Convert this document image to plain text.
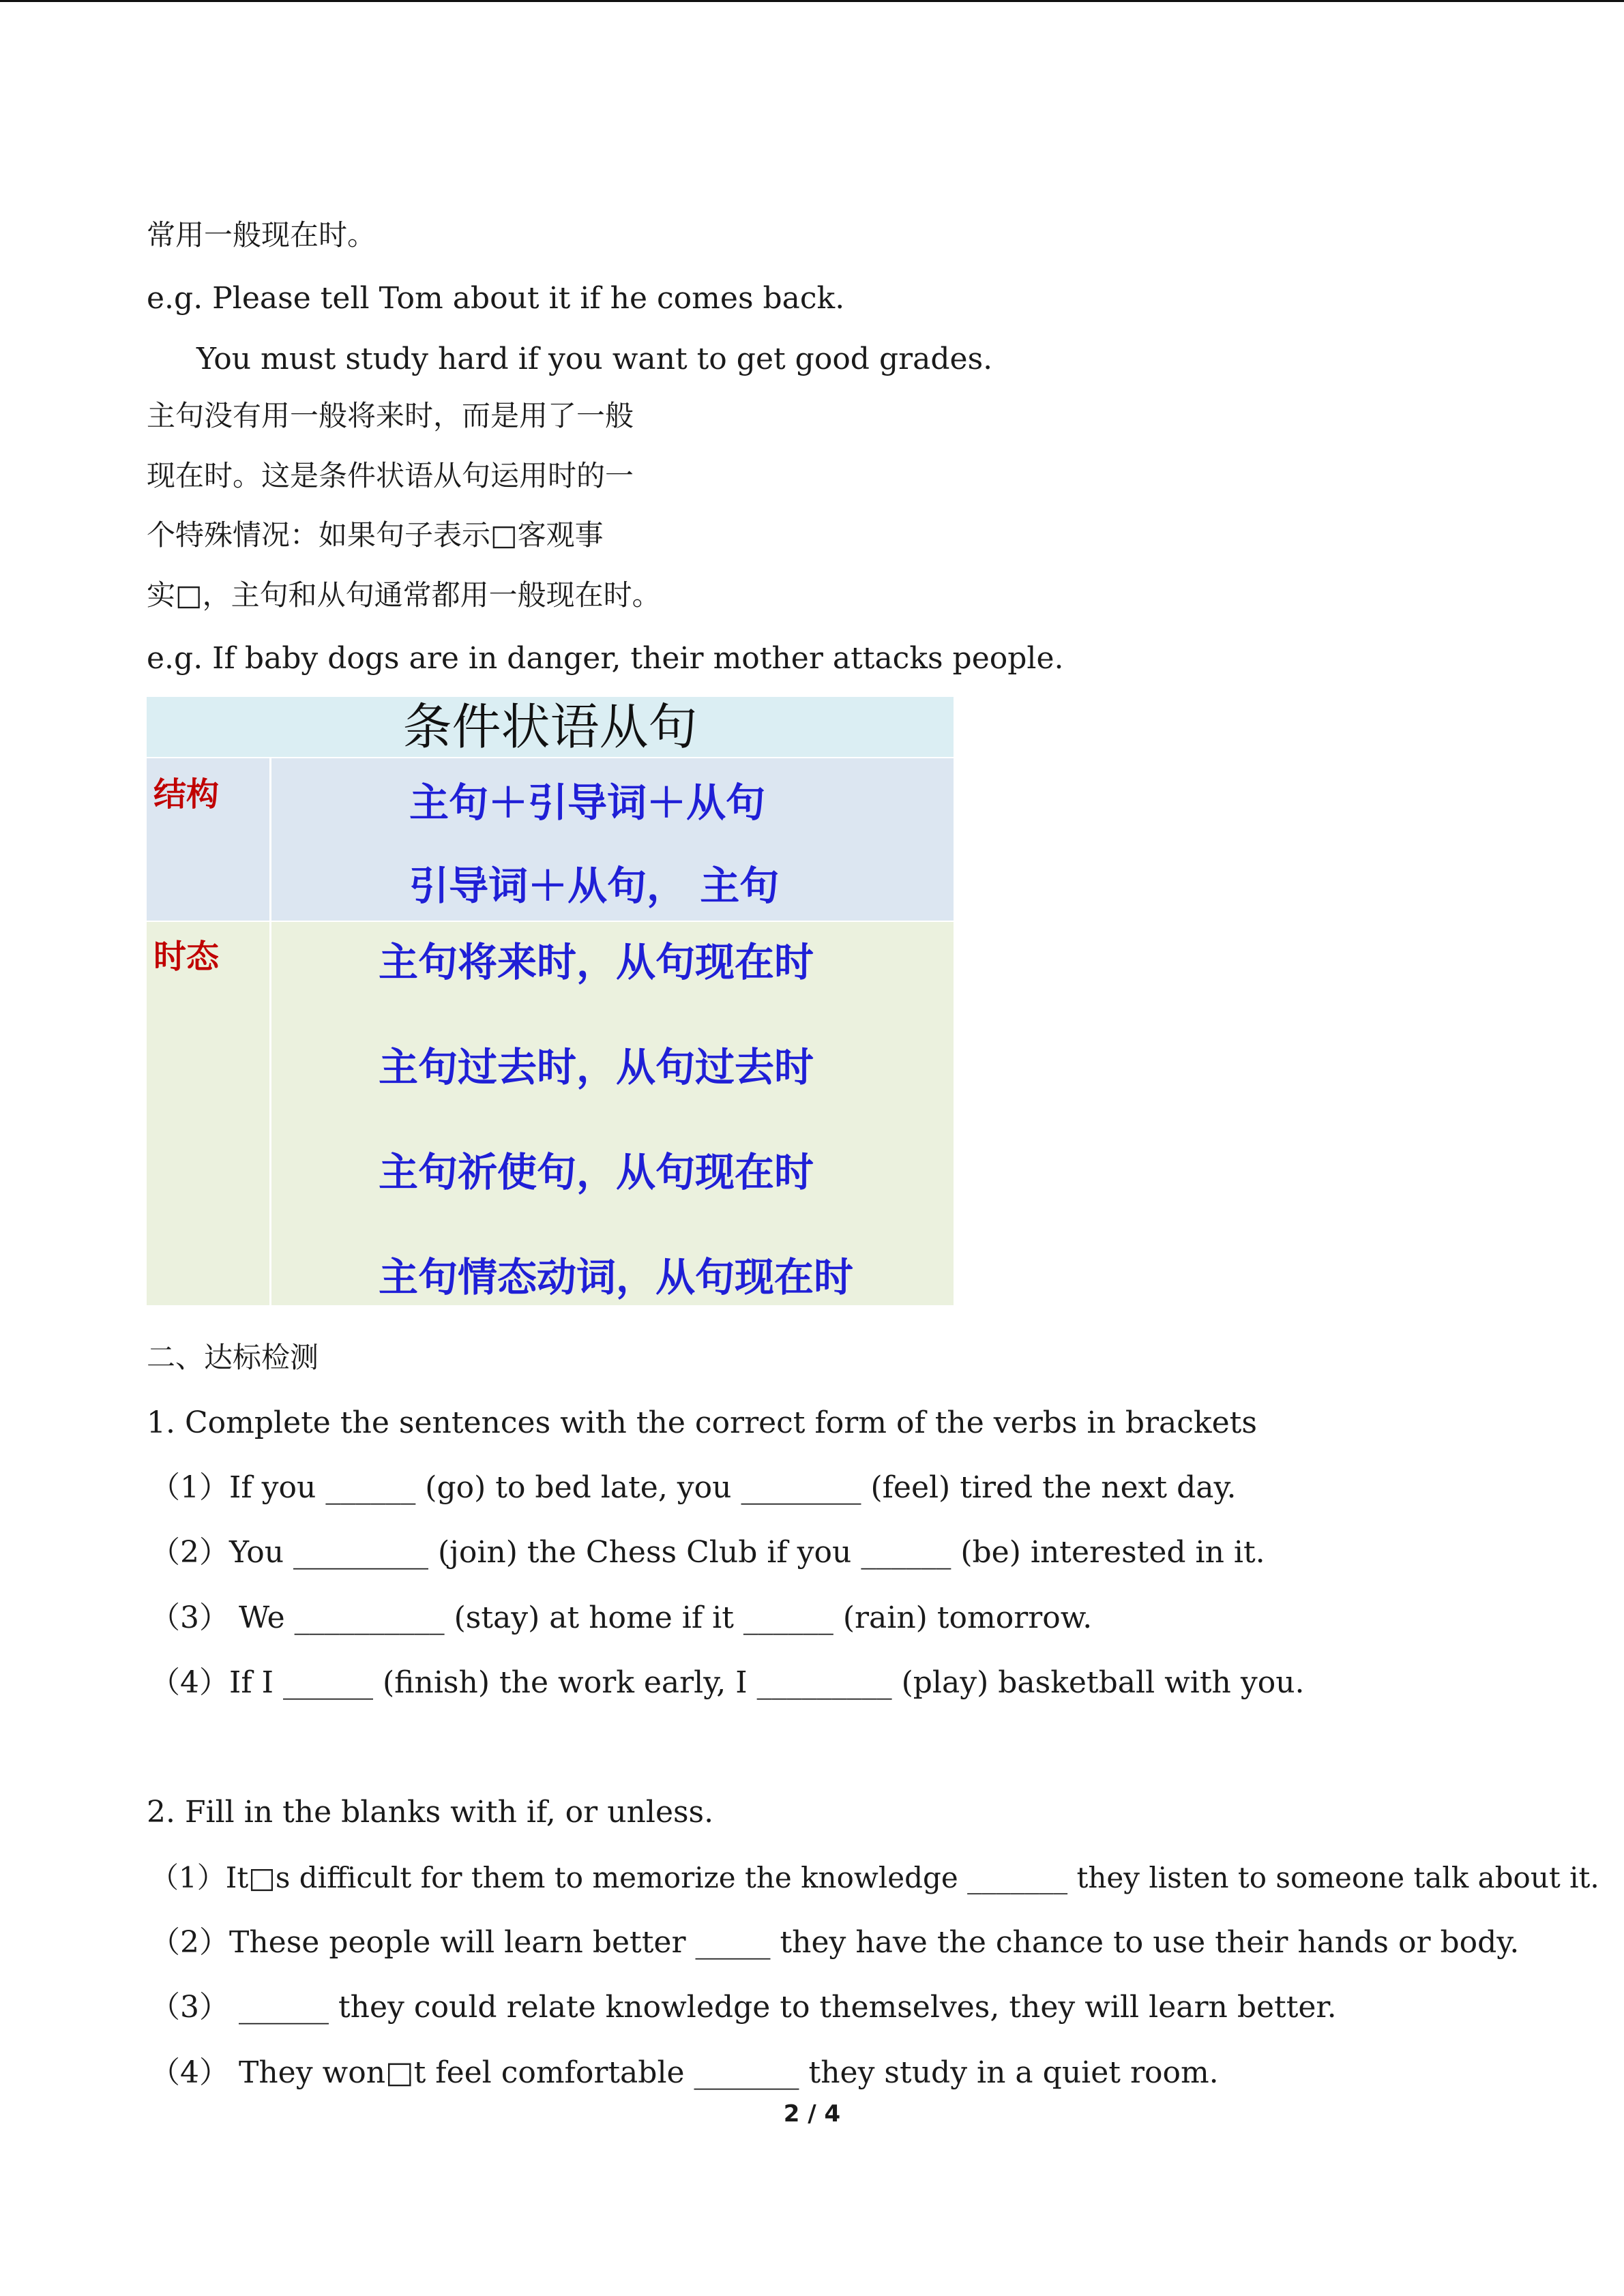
常用一般现在时。
e.g. Please tell Tom about it if he comes back.
You must study hard if you want to get good grades.
主句没有用一般将来时，而是用了一般
现在时。这是条件状语从句运用时的一
个特殊情况：如果句子表示□客观事
实□，主句和从句通常都用一般现在时。
e.g. If baby dogs are in danger, their mother attacks people.
条件状语从句
结构	主句＋引导词＋从句
引导词＋从句， 主句
时态	主句将来时，从句现在时
主句过去时，从句过去时
主句祈使句，从句现在时
主句情态动词，从句现在时
二、达标检测
1. Complete the sentences with the correct form of the verbs in brackets
（1）If you ______ (go) to bed late, you ________ (feel) tired the next day.
（2）You _________ (join) the Chess Club if you ______ (be) interested in it.
（3） We __________ (stay) at home if it ______ (rain) tomorrow.
（4）If I ______ (finish) the work early, I _________ (play) basketball with you.
2. Fill in the blanks with if, or unless.
（1）It□s difficult for them to memorize the knowledge _______ they listen to someone talk about it.
（2）These people will learn better _____ they have the chance to use their hands or body.
（3） ______ they could relate knowledge to themselves, they will learn better.
（4） They won□t feel comfortable _______ they study in a quiet room.
2 / 4
